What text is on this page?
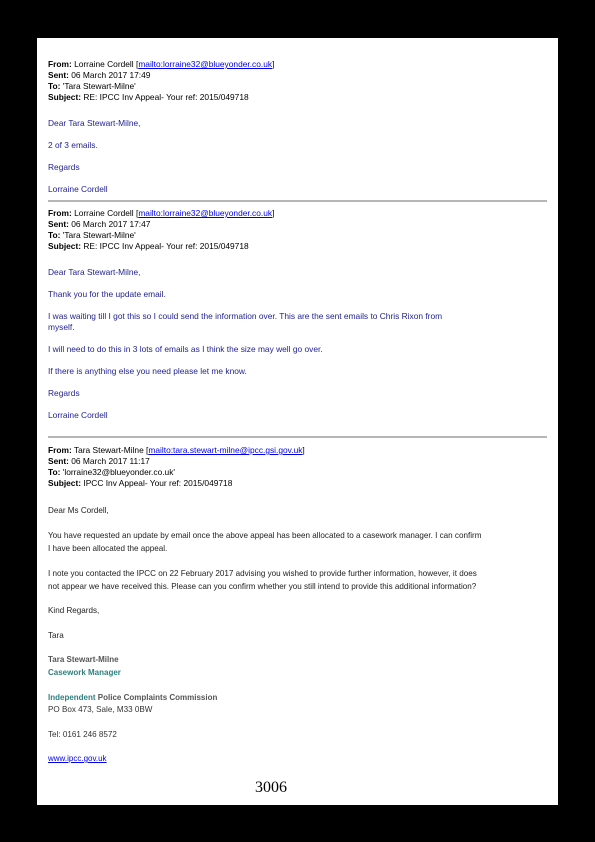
From: Lorraine Cordell [mailto:lorraine32@blueyonder.co.uk]
Sent: 06 March 2017 17:49
To: 'Tara Stewart-Milne'
Subject: RE: IPCC Inv Appeal- Your ref: 2015/049718
Dear Tara Stewart-Milne,
2 of 3 emails.
Regards
Lorraine Cordell
From: Lorraine Cordell [mailto:lorraine32@blueyonder.co.uk]
Sent: 06 March 2017 17:47
To: 'Tara Stewart-Milne'
Subject: RE: IPCC Inv Appeal- Your ref: 2015/049718
Dear Tara Stewart-Milne,
Thank you for the update email.
I was waiting till I got this so I could send the information over. This are the sent emails to Chris Rixon from
myself.
I will need to do this in 3 lots of emails as I think the size may well go over.
If there is anything else you need please let me know.
Regards
Lorraine Cordell
From: Tara Stewart-Milne [mailto:tara.stewart-milne@ipcc.gsi.gov.uk]
Sent: 06 March 2017 11:17
To: 'lorraine32@blueyonder.co.uk'
Subject: IPCC Inv Appeal- Your ref: 2015/049718
Dear Ms Cordell,
You have requested an update by email once the above appeal has been allocated to a casework manager. I can confirm
I have been allocated the appeal.
I note you contacted the IPCC on 22 February 2017 advising you wished to provide further information, however, it does
not appear we have received this. Please can you confirm whether you still intend to provide this additional information?
Kind Regards,
Tara
Tara Stewart-Milne
Casework Manager
Independent Police Complaints Commission
PO Box 473, Sale, M33 0BW
Tel: 0161 246 8572
www.ipcc.gov.uk
3006
